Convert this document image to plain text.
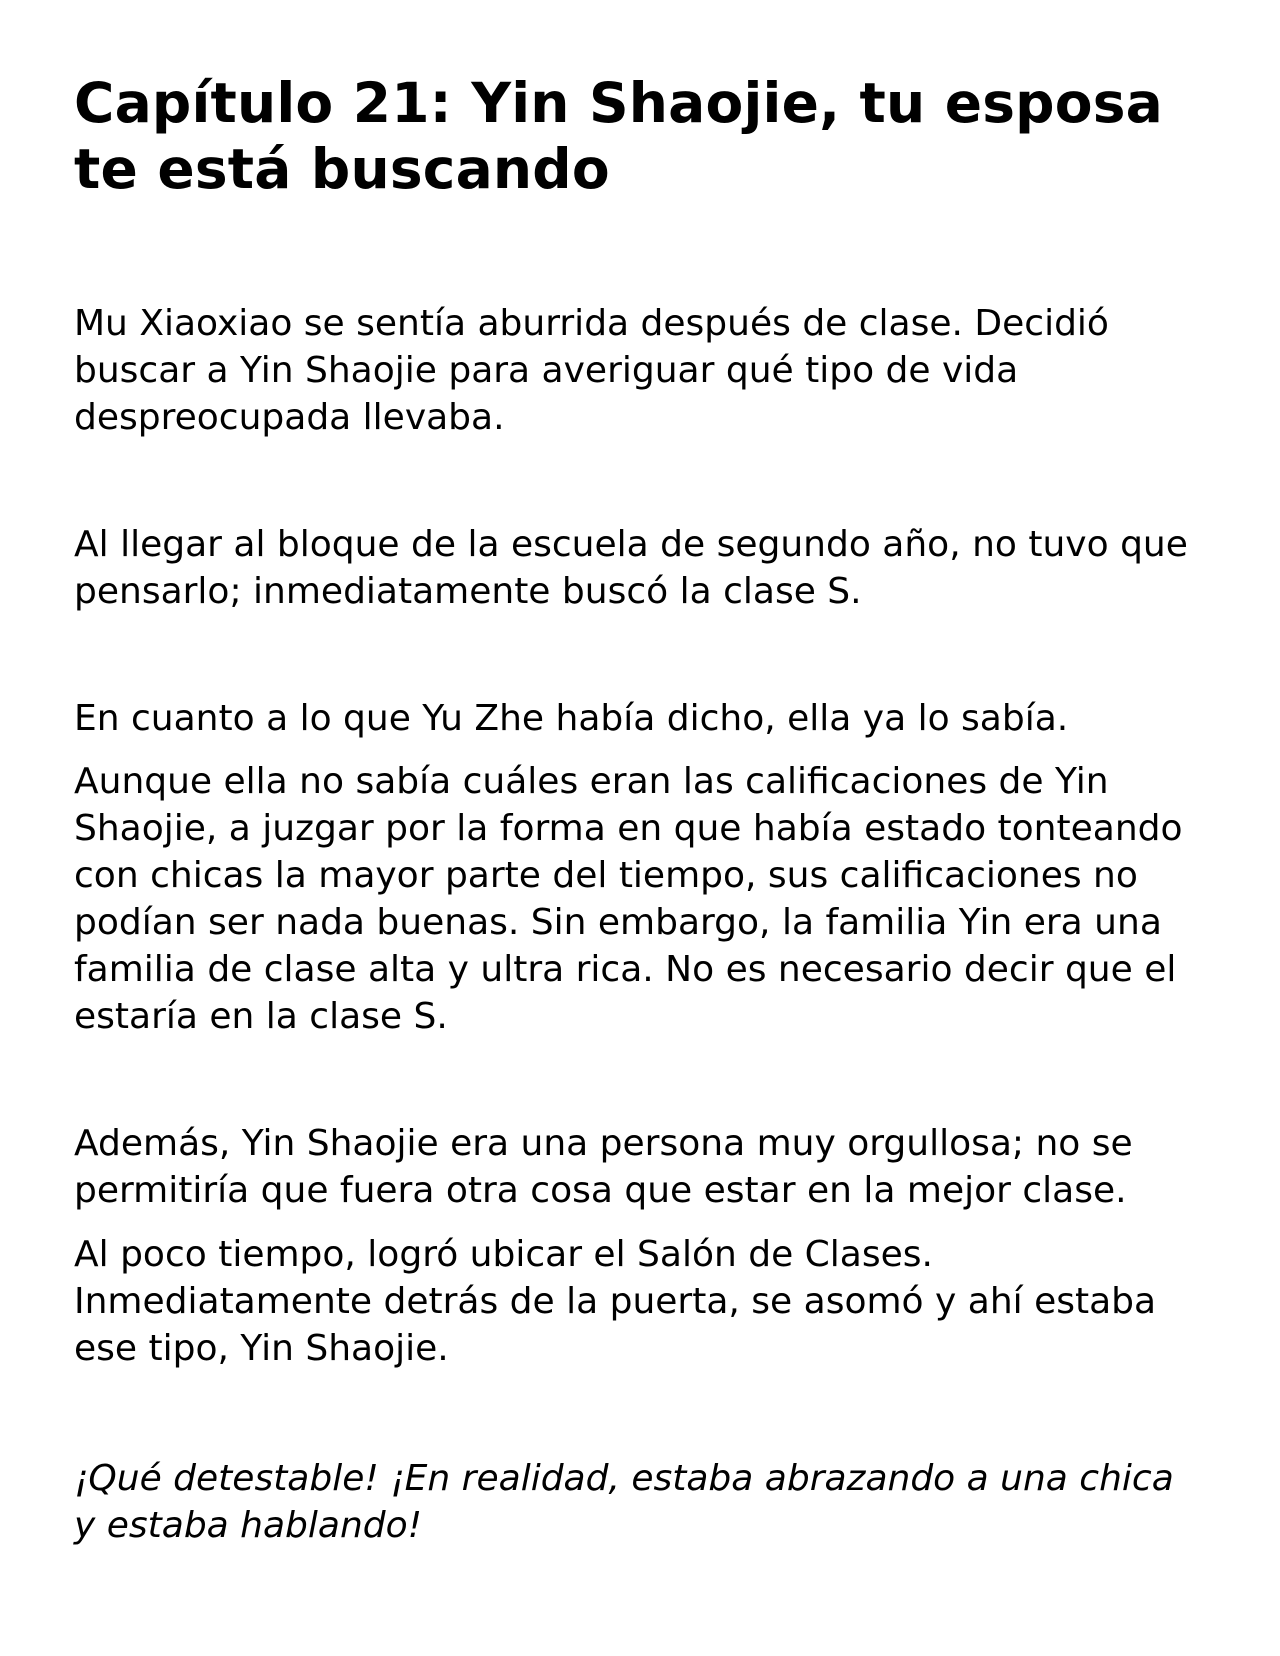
Capítulo 21: Yin Shaojie, tu esposa te está buscando

Mu Xiaoxiao se sentía aburrida después de clase. Decidió buscar a Yin Shaojie para averiguar qué tipo de vida despreocupada llevaba.

Al llegar al bloque de la escuela de segundo año, no tuvo que pensarlo; inmediatamente buscó la clase S.

En cuanto a lo que Yu Zhe había dicho, ella ya lo sabía.

Aunque ella no sabía cuáles eran las calificaciones de Yin Shaojie, a juzgar por la forma en que había estado tonteando con chicas la mayor parte del tiempo, sus calificaciones no podían ser nada buenas. Sin embargo, la familia Yin era una familia de clase alta y ultra rica. No es necesario decir que el estaría en la clase S.

Además, Yin Shaojie era una persona muy orgullosa; no se permitiría que fuera otra cosa que estar en la mejor clase.

Al poco tiempo, logró ubicar el Salón de Clases. Inmediatamente detrás de la puerta, se asomó y ahí estaba ese tipo, Yin Shaojie.

¡Qué detestable! ¡En realidad, estaba abrazando a una chica y estaba hablando!
